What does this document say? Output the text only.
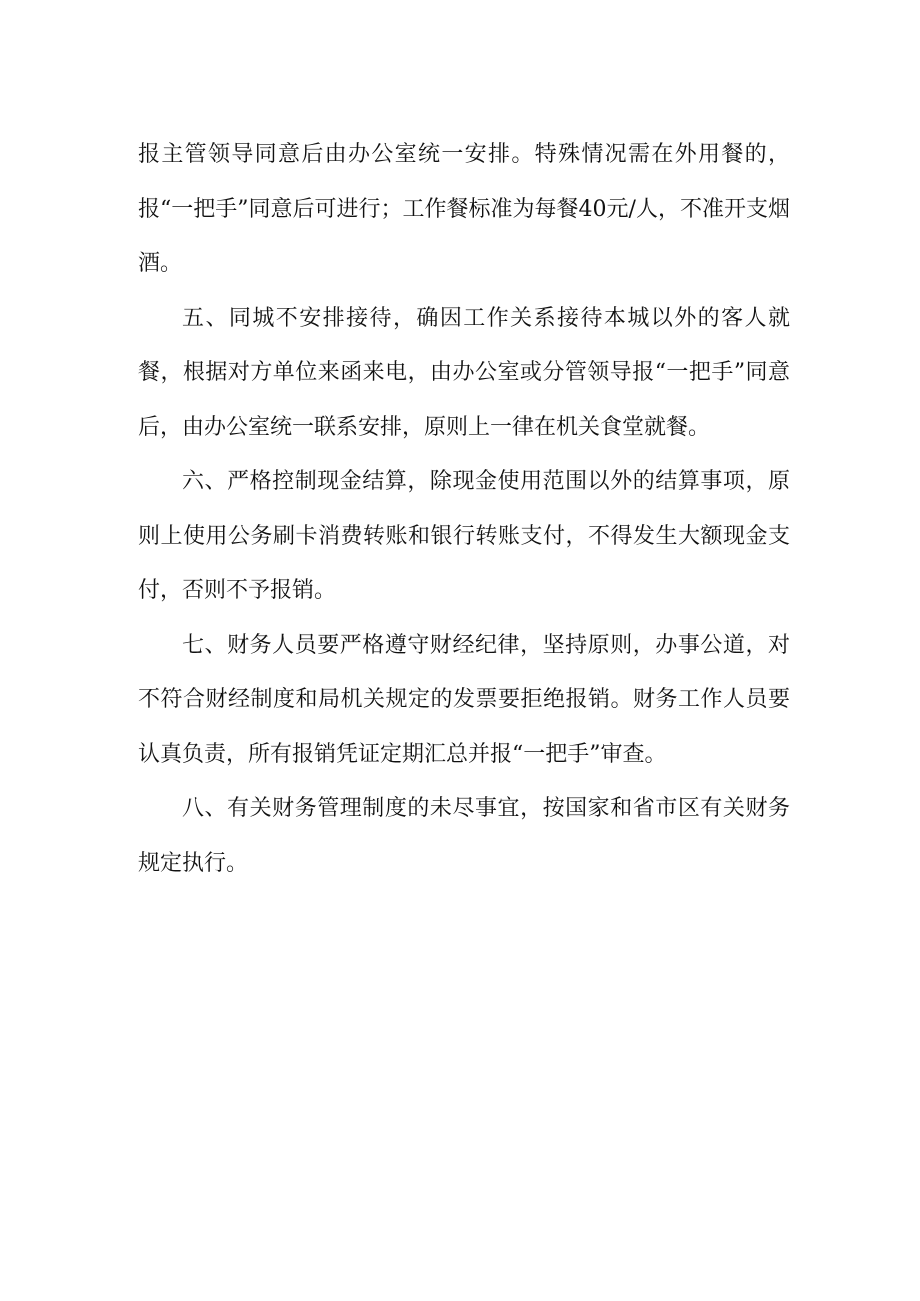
报主管领导同意后由办公室统一安排。特殊情况需在外用餐的，报“一把手”同意后可进行；工作餐标准为每餐40元/人，不准开支烟酒。

五、同城不安排接待，确因工作关系接待本城以外的客人就餐，根据对方单位来函来电，由办公室或分管领导报“一把手”同意后，由办公室统一联系安排，原则上一律在机关食堂就餐。

六、严格控制现金结算，除现金使用范围以外的结算事项，原则上使用公务刷卡消费转账和银行转账支付，不得发生大额现金支付，否则不予报销。

七、财务人员要严格遵守财经纪律，坚持原则，办事公道，对不符合财经制度和局机关规定的发票要拒绝报销。财务工作人员要认真负责，所有报销凭证定期汇总并报“一把手”审查。

八、有关财务管理制度的未尽事宜，按国家和省市区有关财务规定执行。
